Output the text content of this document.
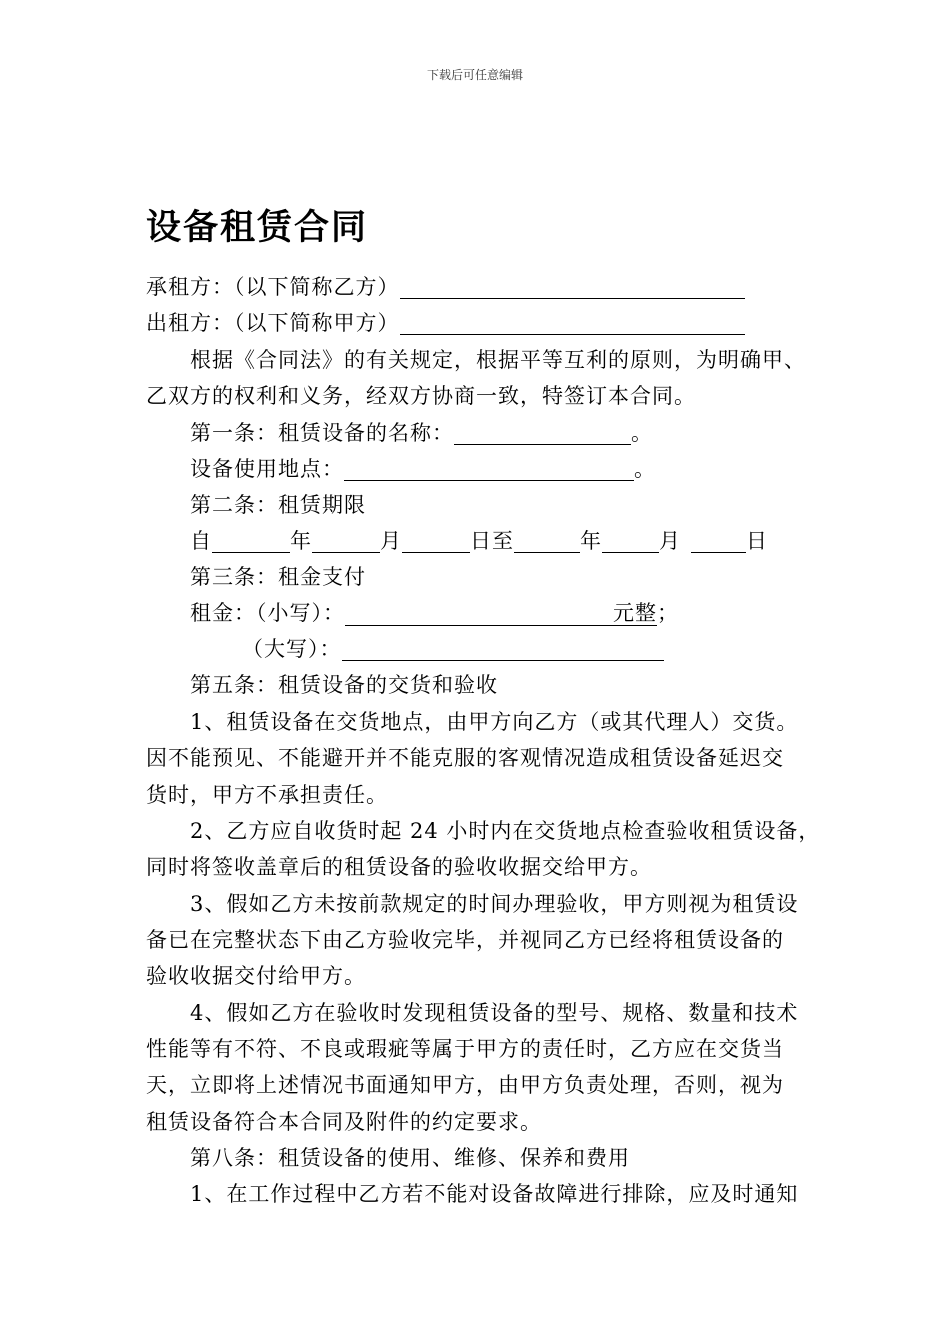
下载后可任意编辑
设备租赁合同
承租方：（以下简称乙方）
出租方：（以下简称甲方）
根据《合同法》的有关规定，根据平等互利的原则，为明确甲、
乙双方的权利和义务，经双方协商一致，特签订本合同。
第一条：租赁设备的名称：	。
设备使用地点：	。
第二条：租赁期限
自	年	月	日至	年	月	日
第三条：租金支付
租金：（小写）：	元整；
（大写）：
第五条：租赁设备的交货和验收
1、租赁设备在交货地点，由甲方向乙方（或其代理人）交货。
因不能预见、不能避开并不能克服的客观情况造成租赁设备延迟交
货时，甲方不承担责任。
2、乙方应自收货时起 24 小时内在交货地点检查验收租赁设备，
同时将签收盖章后的租赁设备的验收收据交给甲方。
3、假如乙方未按前款规定的时间办理验收，甲方则视为租赁设
备已在完整状态下由乙方验收完毕，并视同乙方已经将租赁设备的
验收收据交付给甲方。
4、假如乙方在验收时发现租赁设备的型号、规格、数量和技术
性能等有不符、不良或瑕疵等属于甲方的责任时，乙方应在交货当
天，立即将上述情况书面通知甲方，由甲方负责处理，否则，视为
租赁设备符合本合同及附件的约定要求。
第八条：租赁设备的使用、维修、保养和费用
1、在工作过程中乙方若不能对设备故障进行排除，应及时通知
